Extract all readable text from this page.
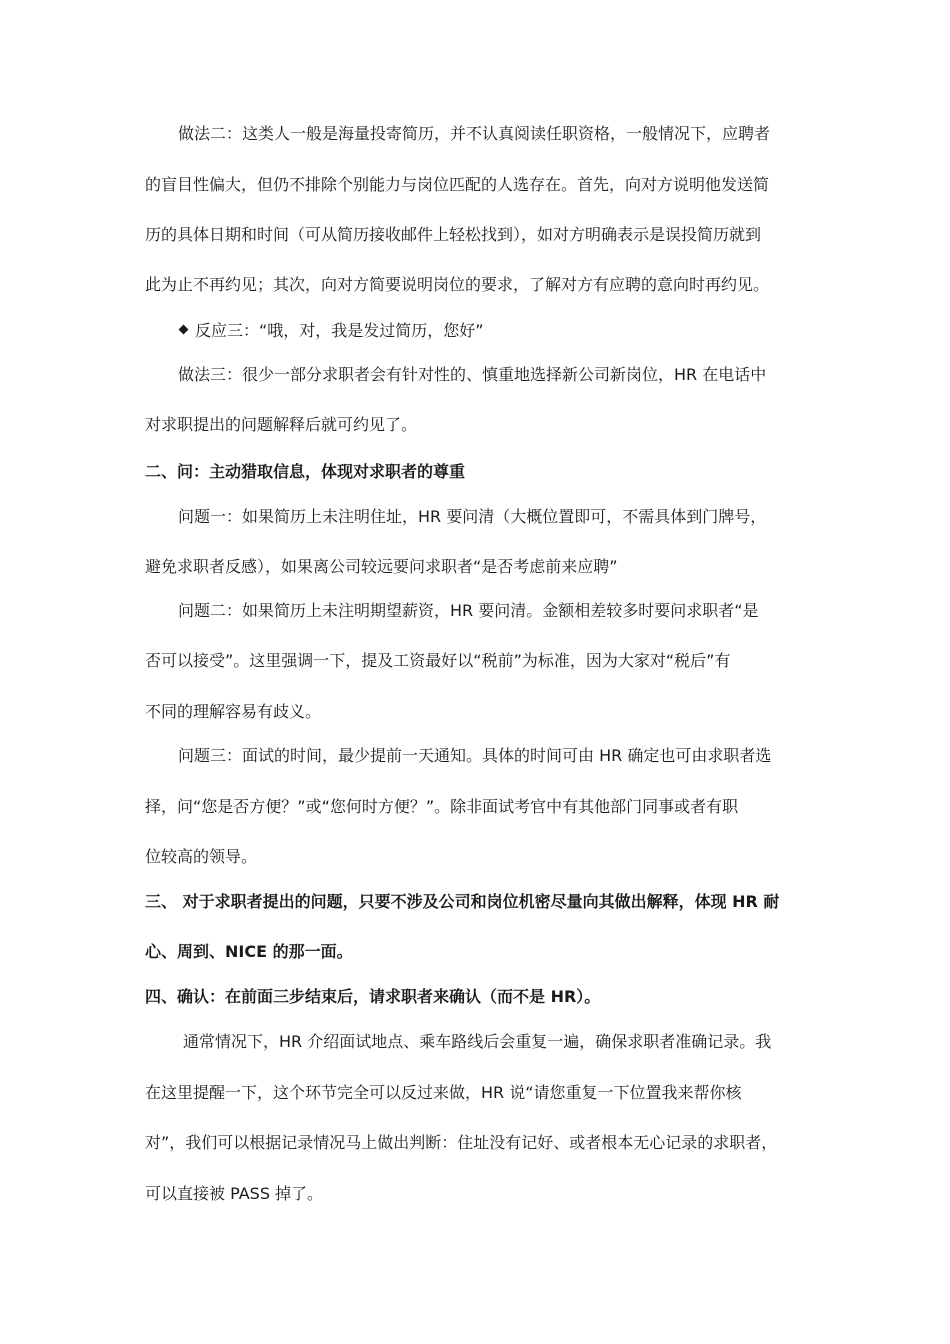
做法二：这类人一般是海量投寄简历，并不认真阅读任职资格，一般情况下，应聘者

的盲目性偏大，但仍不排除个别能力与岗位匹配的人选存在。首先，向对方说明他发送简

历的具体日期和时间（可从简历接收邮件上轻松找到），如对方明确表示是误投简历就到

此为止不再约见；其次，向对方简要说明岗位的要求，了解对方有应聘的意向时再约见。

反应三：“哦，对，我是发过简历，您好”

做法三：很少一部分求职者会有针对性的、慎重地选择新公司新岗位，HR 在电话中

对求职提出的问题解释后就可约见了。

二、问：主动猎取信息，体现对求职者的尊重

问题一：如果简历上未注明住址，HR 要问清（大概位置即可，不需具体到门牌号，

避免求职者反感），如果离公司较远要问求职者“是否考虑前来应聘”

问题二：如果简历上未注明期望薪资，HR 要问清。金额相差较多时要问求职者“是

否可以接受”。这里强调一下，提及工资最好以“税前”为标准，因为大家对“税后”有

不同的理解容易有歧义。

问题三：面试的时间，最少提前一天通知。具体的时间可由 HR 确定也可由求职者选

择，问“您是否方便？”或“您何时方便？”。除非面试考官中有其他部门同事或者有职

位较高的领导。

三、 对于求职者提出的问题，只要不涉及公司和岗位机密尽量向其做出解释，体现 HR 耐

心、周到、NICE 的那一面。

四、确认：在前面三步结束后，请求职者来确认（而不是 HR）。

通常情况下，HR 介绍面试地点、乘车路线后会重复一遍，确保求职者准确记录。我

在这里提醒一下，这个环节完全可以反过来做，HR 说“请您重复一下位置我来帮你核

对”，我们可以根据记录情况马上做出判断：住址没有记好、或者根本无心记录的求职者，

可以直接被 PASS 掉了。
